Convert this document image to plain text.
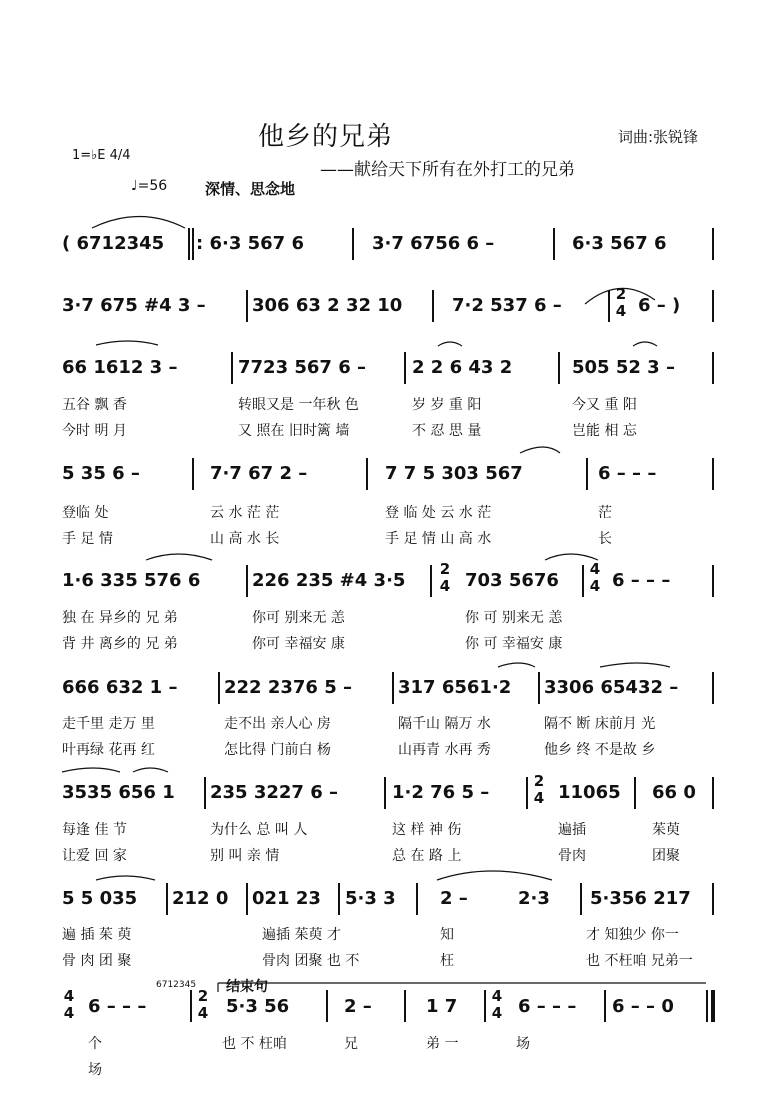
他乡的兄弟	词曲:张锐锋
——献给天下所有在外打工的兄弟
1=♭E 4/4
♩=56	深情、思念地
( 6712345 : 6·3 567 6	3·7 6756 6 –	6·3 567 6
3·7 675 #4 3 –	306 63 2 32 10	7·2 537 6 –	6 – )
2
4
66 1612 3 –	7723 567 6 –	2 2 6 43 2	505 52 3 –
五谷 飘 香	转眼又是 一年秋 色	岁 岁 重 阳	今又 重 阳
今时 明 月	又 照在 旧时篱 墙	不 忍 思 量	岂能 相 忘
5 35 6 –	7·7 67 2 –	7 7 5 303 567	6 – – –
登临 处	云 水 茫 茫	登 临 处 云 水 茫	茫
手 足 情	山 高 水 长	手 足 情 山 高 水	长
1·6 335 576 6	226 235 #4 3·5	703 5676	6 – – –
2
4
4
4
独 在 异乡的 兄 弟	你可 别来无 恙	你 可 别来无 恙
背 井 离乡的 兄 弟	你可 幸福安 康	你 可 幸福安 康
666 632 1 –	222 2376 5 –	317 6561·2 3306 65432 –
走千里 走万 里	走不出 亲人心 房	隔千山 隔万 水	隔不 断 床前月 光
叶再绿 花再 红	怎比得 门前白 杨	山再青 水再 秀	他乡 终 不是故 乡
3535 656 1 235 3227 6 –	1·2 76 5 –	11065 66 0
2
4
每逢 佳 节	为什么 总 叫 人	这 样 神 伤	遍插	茱萸
让爱 回 家	别 叫 亲 情	总 在 路 上	骨肉	团聚
5 5 035 212 0 021 23 5·3 3 2 –	2·3 5·356 217
遍 插 茱 萸	遍插 茱萸 才	知	才 知独少 你一
骨 肉 团 聚	骨肉 团聚 也 不	枉	也 不枉咱 兄弟一
4
4 6 – – –	2
4 5·3 56	2 –	1 7 4
4 6 – – – 6 – – 0
结束句
6712345
个	也 不 枉咱	兄	弟 一	场
场
